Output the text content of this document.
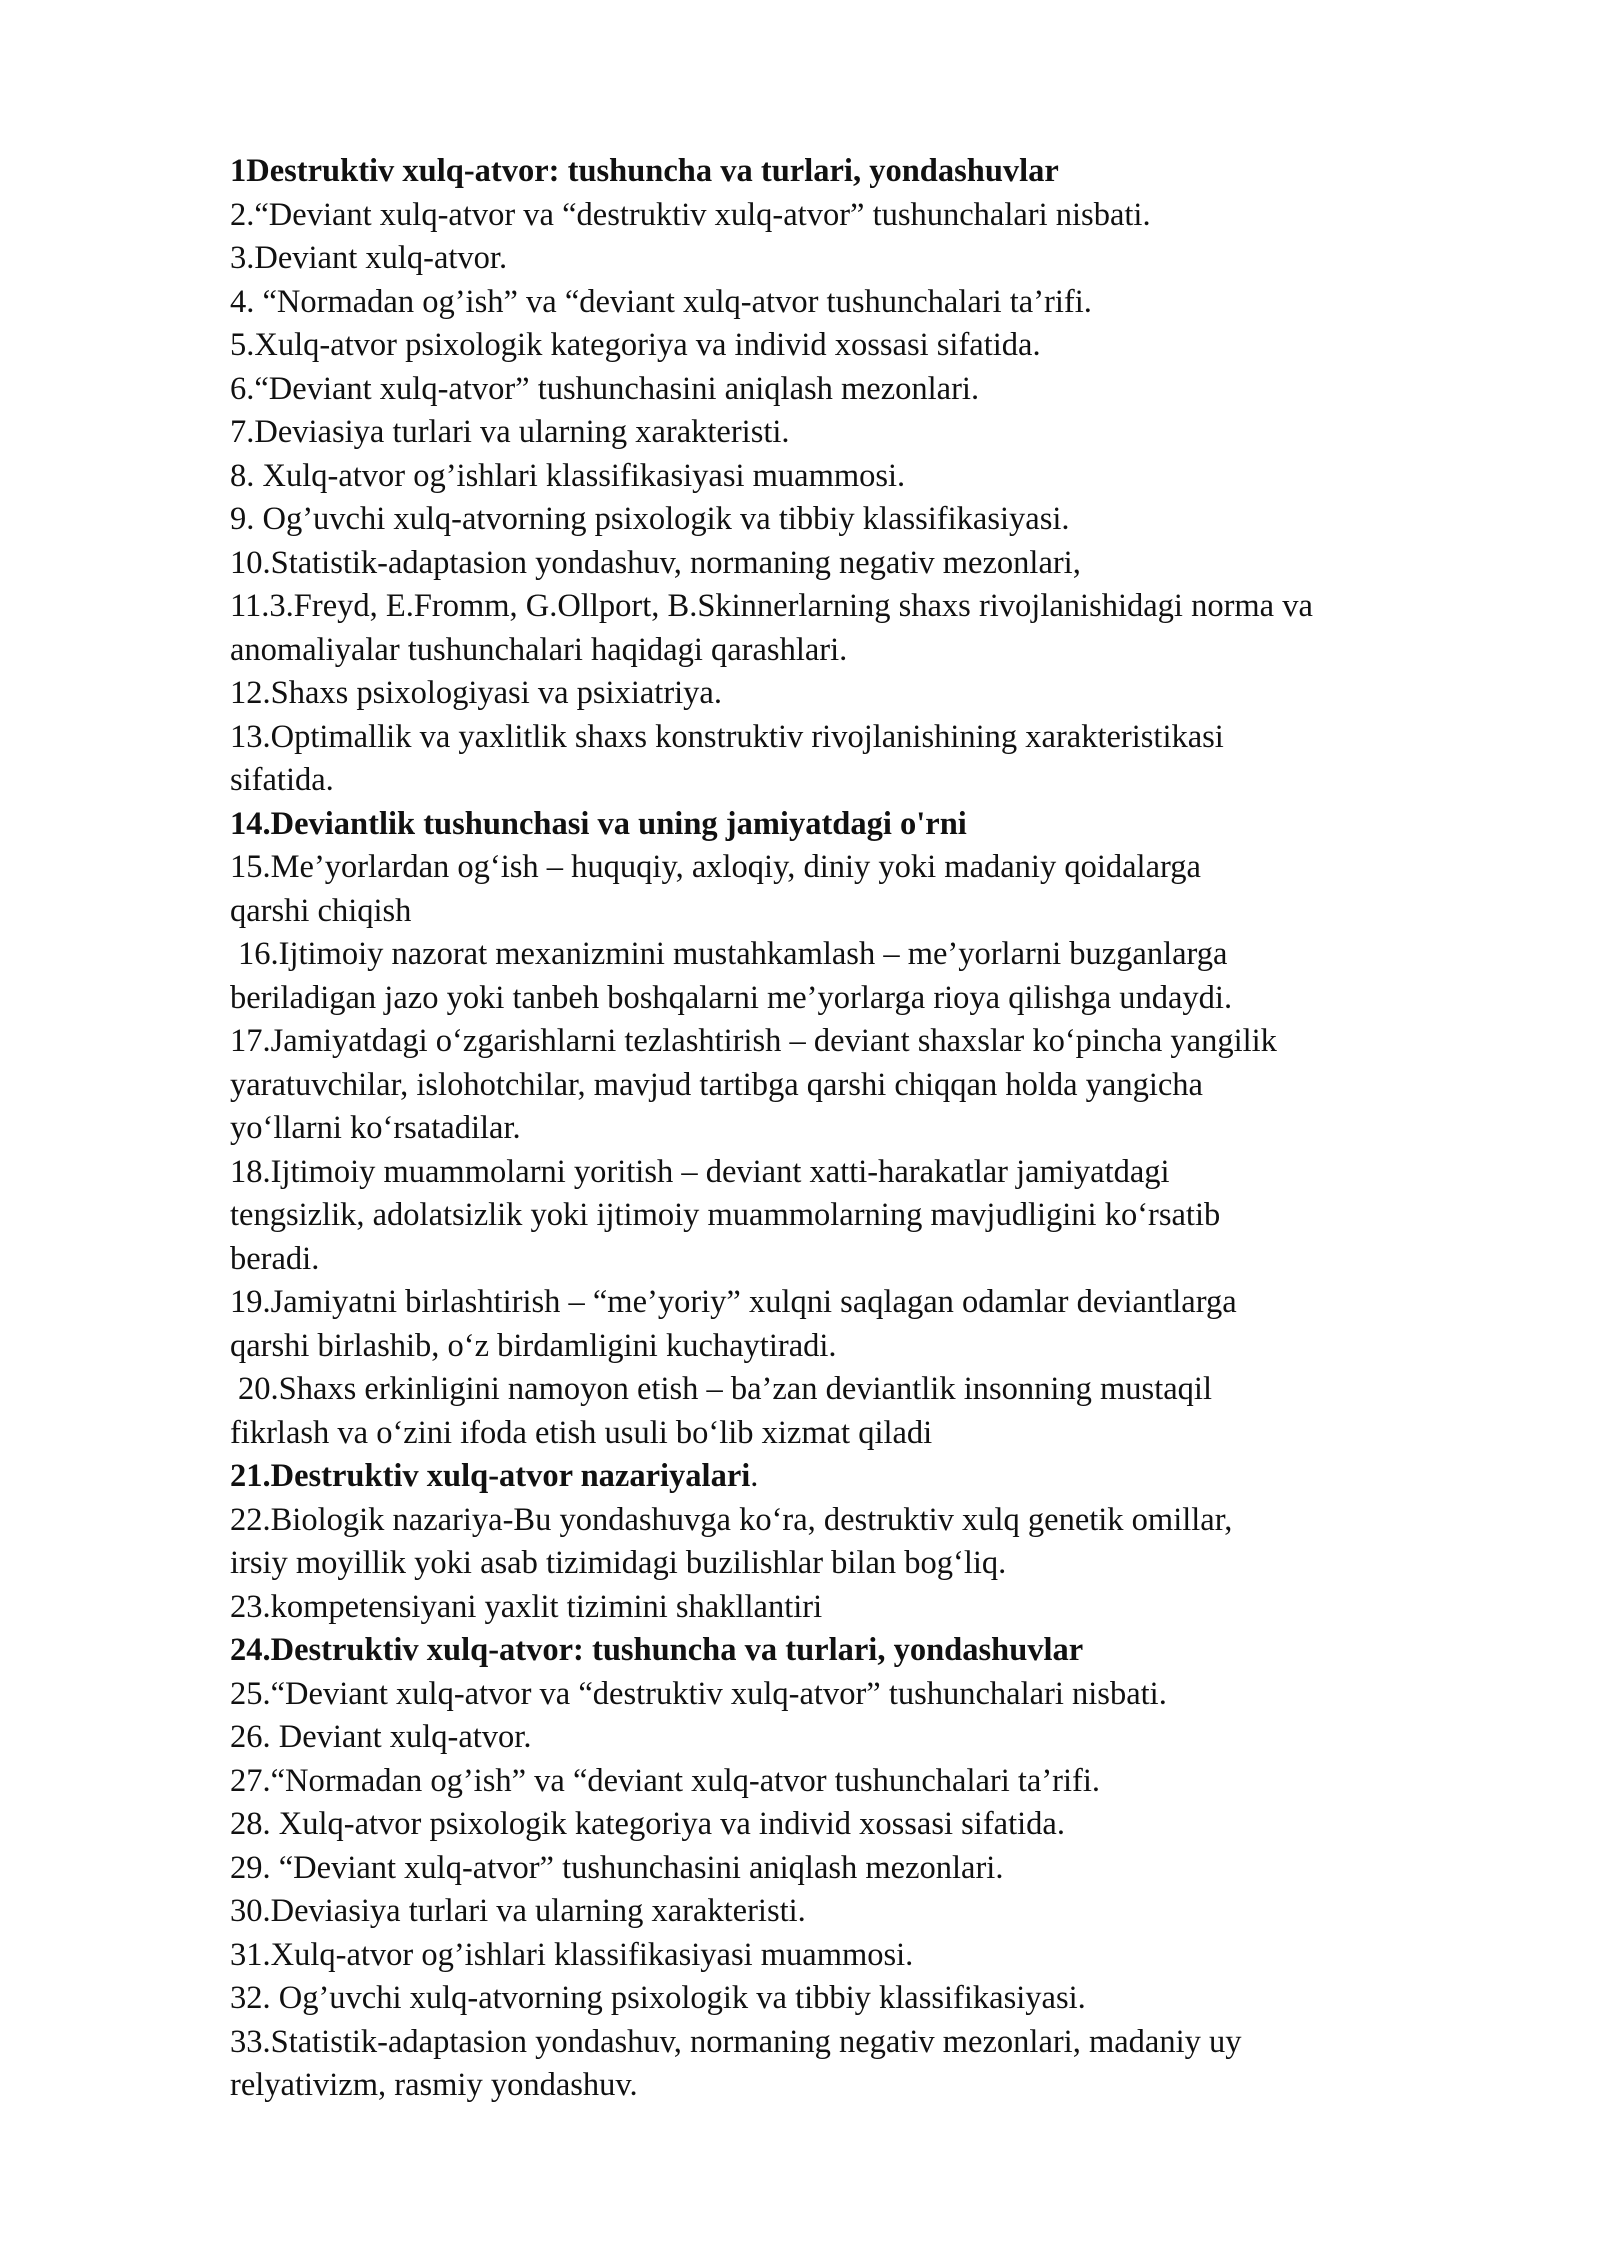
1Destruktiv xulq-atvor: tushuncha va turlari, yondashuvlar

2.“Deviant xulq-atvor va “destruktiv xulq-atvor” tushunchalari nisbati.

3.Deviant xulq-atvor.

4. “Normadan og’ish” va “deviant xulq-atvor tushunchalari ta’rifi.

5.Xulq-atvor psixologik kategoriya va individ xossasi sifatida.

6.“Deviant xulq-atvor” tushunchasini aniqlash mezonlari.

7.Deviasiya turlari va ularning xarakteristi.

8. Xulq-atvor og’ishlari klassifikasiyasi muammosi.

9. Og’uvchi xulq-atvorning psixologik va tibbiy klassifikasiyasi.

10.Statistik-adaptasion yondashuv, normaning negativ mezonlari,

11.3.Freyd, E.Fromm, G.Ollport, B.Skinnerlarning shaxs rivojlanishidagi norma va

anomaliyalar tushunchalari haqidagi qarashlari.

12.Shaxs psixologiyasi va psixiatriya.

13.Optimallik va yaxlitlik shaxs konstruktiv rivojlanishining xarakteristikasi

sifatida.

14.Deviantlik tushunchasi va uning jamiyatdagi o'rni

15.Me’yorlardan og‘ish – huquqiy, axloqiy, diniy yoki madaniy qoidalarga

qarshi chiqish

16.Ijtimoiy nazorat mexanizmini mustahkamlash – me’yorlarni buzganlarga

beriladigan jazo yoki tanbeh boshqalarni me’yorlarga rioya qilishga undaydi.

17.Jamiyatdagi o‘zgarishlarni tezlashtirish – deviant shaxslar ko‘pincha yangilik

yaratuvchilar, islohotchilar, mavjud tartibga qarshi chiqqan holda yangicha

yo‘llarni ko‘rsatadilar.

18.Ijtimoiy muammolarni yoritish – deviant xatti-harakatlar jamiyatdagi

tengsizlik, adolatsizlik yoki ijtimoiy muammolarning mavjudligini ko‘rsatib

beradi.

19.Jamiyatni birlashtirish – “me’yoriy” xulqni saqlagan odamlar deviantlarga

qarshi birlashib, o‘z birdamligini kuchaytiradi.

20.Shaxs erkinligini namoyon etish – ba’zan deviantlik insonning mustaqil

fikrlash va o‘zini ifoda etish usuli bo‘lib xizmat qiladi

21.Destruktiv xulq-atvor nazariyalari.

22.Biologik nazariya-Bu yondashuvga ko‘ra, destruktiv xulq genetik omillar,

irsiy moyillik yoki asab tizimidagi buzilishlar bilan bog‘liq.

23.kompetensiyani yaxlit tizimini shakllantiri

24.Destruktiv xulq-atvor: tushuncha va turlari, yondashuvlar

25.“Deviant xulq-atvor va “destruktiv xulq-atvor” tushunchalari nisbati.

26. Deviant xulq-atvor.

27.“Normadan og’ish” va “deviant xulq-atvor tushunchalari ta’rifi.

28. Xulq-atvor psixologik kategoriya va individ xossasi sifatida.

29. “Deviant xulq-atvor” tushunchasini aniqlash mezonlari.

30.Deviasiya turlari va ularning xarakteristi.

31.Xulq-atvor og’ishlari klassifikasiyasi muammosi.

32. Og’uvchi xulq-atvorning psixologik va tibbiy klassifikasiyasi.

33.Statistik-adaptasion yondashuv, normaning negativ mezonlari, madaniy uy

relyativizm, rasmiy yondashuv.
